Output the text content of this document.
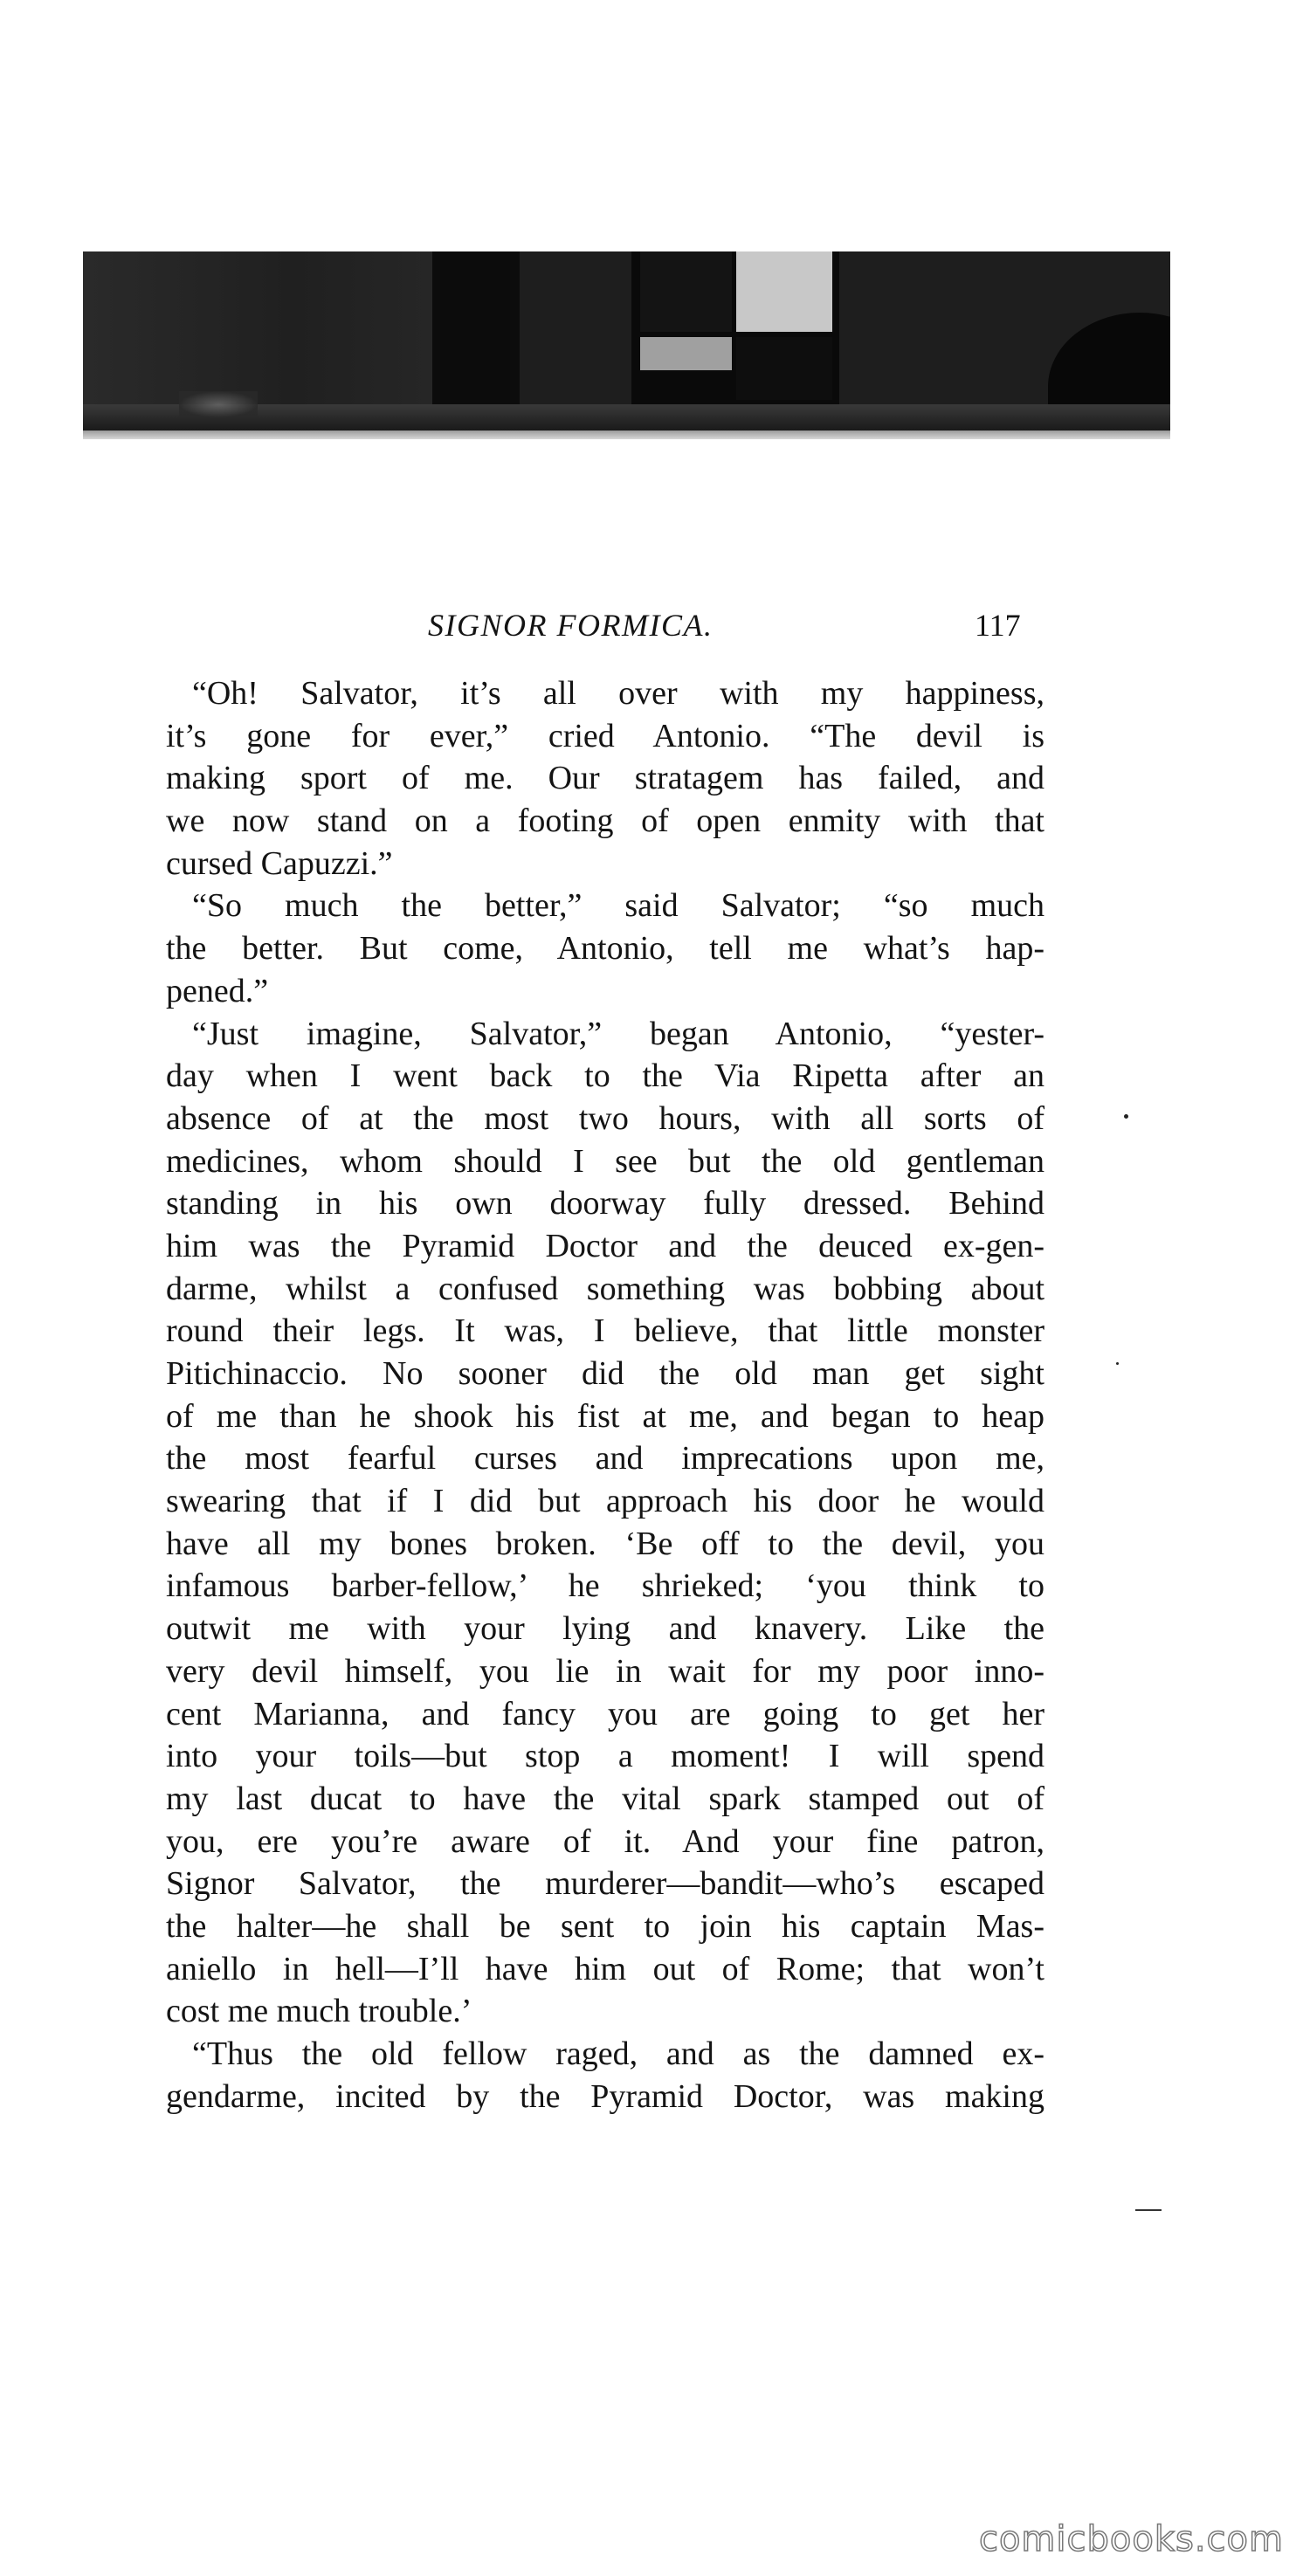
SIGNOR FORMICA.	117
“Oh! Salvator, it’s all over with my happiness,
it’s gone for ever,” cried Antonio. “The devil is
making sport of me. Our stratagem has failed, and
we now stand on a footing of open enmity with that
cursed Capuzzi.”
“So much the better,” said Salvator; “so much
the better. But come, Antonio, tell me what’s hap-
pened.”
“Just imagine, Salvator,” began Antonio, “yester-
day when I went back to the Via Ripetta after an
absence of at the most two hours, with all sorts of
medicines, whom should I see but the old gentleman
standing in his own doorway fully dressed. Behind
him was the Pyramid Doctor and the deuced ex-gen-
darme, whilst a confused something was bobbing about
round their legs. It was, I believe, that little monster
Pitichinaccio. No sooner did the old man get sight
of me than he shook his fist at me, and began to heap
the most fearful curses and imprecations upon me,
swearing that if I did but approach his door he would
have all my bones broken. ‘Be off to the devil, you
infamous barber-fellow,’ he shrieked; ‘you think to
outwit me with your lying and knavery. Like the
very devil himself, you lie in wait for my poor inno-
cent Marianna, and fancy you are going to get her
into your toils—but stop a moment! I will spend
my last ducat to have the vital spark stamped out of
you, ere you’re aware of it. And your fine patron,
Signor Salvator, the murderer—bandit—who’s escaped
the halter—he shall be sent to join his captain Mas-
aniello in hell—I’ll have him out of Rome; that won’t
cost me much trouble.’
“Thus the old fellow raged, and as the damned ex-
gendarme, incited by the Pyramid Doctor, was making
comicbooks.com
